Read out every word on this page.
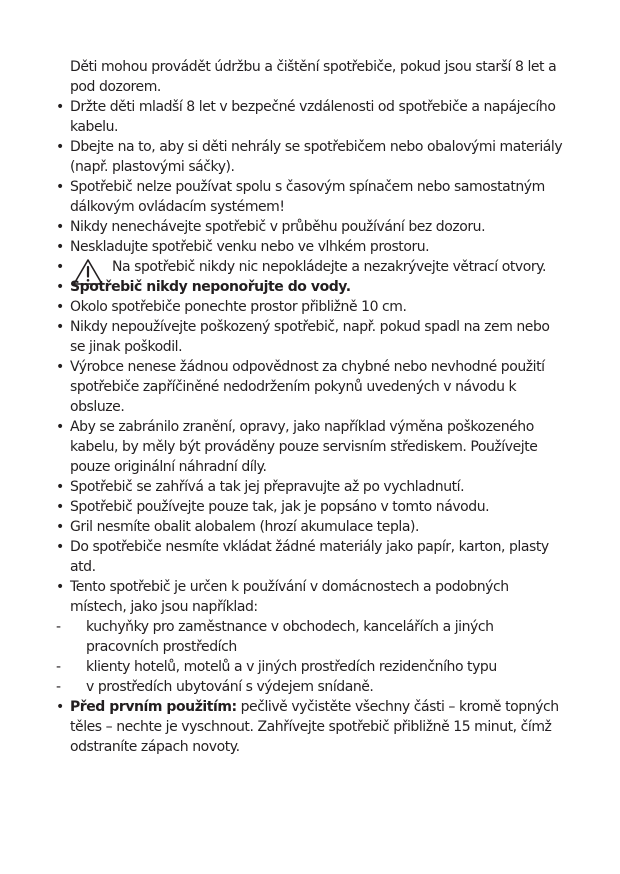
Děti mohou provádět údržbu a čištění spotřebiče, pokud jsou starší 8 let a pod dozorem.
• Držte děti mladší 8 let v bezpečné vzdálenosti od spotřebiče a napájecího kabelu.
• Dbejte na to, aby si děti nehrály se spotřebičem nebo obalovými materiály (např. plastovými sáčky).
• Spotřebič nelze používat spolu s časovým spínačem nebo samostatným dálkovým ovládacím systémem!
• Nikdy nenechávejte spotřebič v průběhu používání bez dozoru.
• Neskladujte spotřebič venku nebo ve vlhkém prostoru.
•	Na spotřebič nikdy nic nepokládejte a nezakrývejte větrací otvory.
• Spotřebič nikdy neponořujte do vody.
• Okolo spotřebiče ponechte prostor přibližně 10 cm.
• Nikdy nepoužívejte poškozený spotřebič, např. pokud spadl na zem nebo se jinak poškodil.
• Výrobce nenese žádnou odpovědnost za chybné nebo nevhodné použití spotřebiče zapříčiněné nedodržením pokynů uvedených v návodu k obsluze.
• Aby se zabránilo zranění, opravy, jako například výměna poškozeného kabelu, by měly být prováděny pouze servisním střediskem. Používejte pouze originální náhradní díly.
• Spotřebič se zahřívá a tak jej přepravujte až po vychladnutí.
• Spotřebič používejte pouze tak, jak je popsáno v tomto návodu.
• Gril nesmíte obalit alobalem (hrozí akumulace tepla).
• Do spotřebiče nesmíte vkládat žádné materiály jako papír, karton, plasty atd.
• Tento spotřebič je určen k používání v domácnostech a podobných místech, jako jsou například:
-	kuchyňky pro zaměstnance v obchodech, kancelářích a jiných pracovních prostředích
-	klienty hotelů, motelů a v jiných prostředích rezidenčního typu
-	v prostředích ubytování s výdejem snídaně.
• Před prvním použitím: pečlivě vyčistěte všechny části – kromě topných těles – nechte je vyschnout. Zahřívejte spotřebič přibližně 15 minut, čímž odstraníte zápach novoty.
